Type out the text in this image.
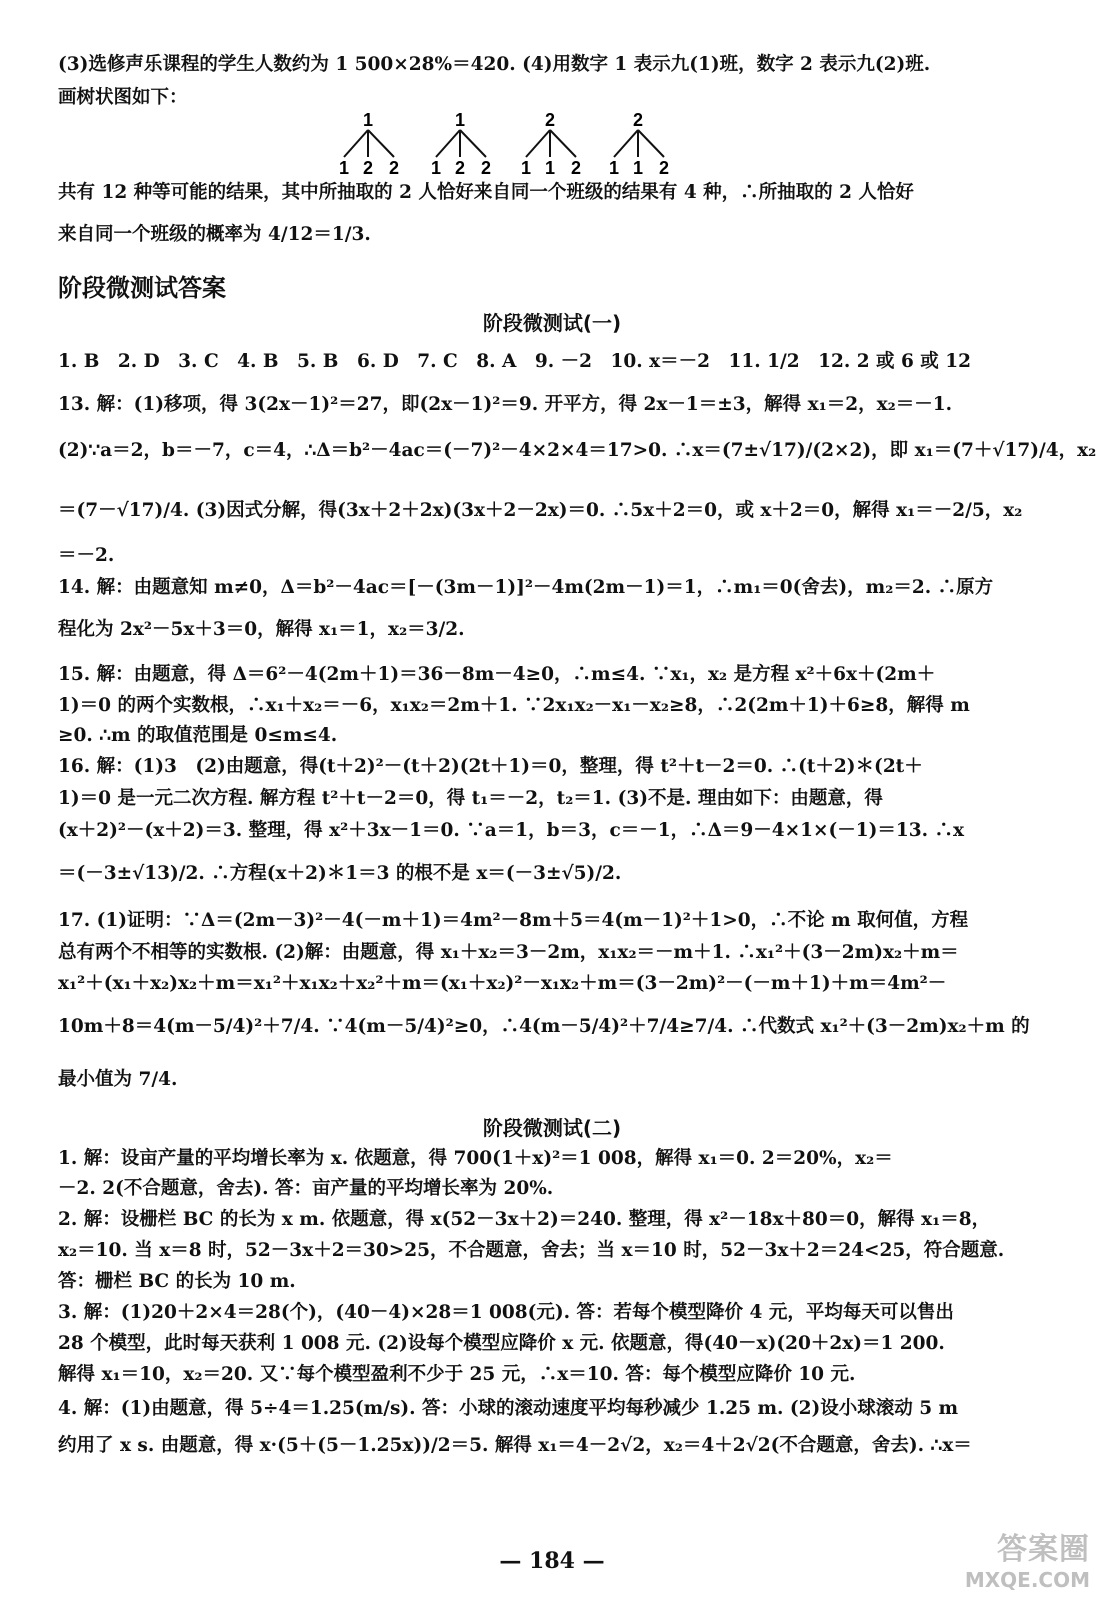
(3)选修声乐课程的学生人数约为 1 500×28%＝420. (4)用数字 1 表示九(1)班，数字 2 表示九(2)班.
画树状图如下：
1
1 2 2
1
1 2 2
2
1 1 2
2
1 1 2
共有 12 种等可能的结果，其中所抽取的 2 人恰好来自同一个班级的结果有 4 种，∴所抽取的 2 人恰好
来自同一个班级的概率为 4/12＝1/3.
阶段微测试答案
阶段微测试(一)
1. B　2. D　3. C　4. B　5. B　6. D　7. C　8. A　9. －2　10. x＝－2　11. 1/2　12. 2 或 6 或 12
13. 解：(1)移项，得 3(2x－1)²＝27，即(2x－1)²＝9. 开平方，得 2x－1＝±3，解得 x₁＝2，x₂＝－1.
(2)∵a＝2，b＝－7，c＝4，∴Δ＝b²－4ac＝(－7)²－4×2×4＝17>0. ∴x＝(7±√17)/(2×2)，即 x₁＝(7＋√17)/4，x₂
＝(7－√17)/4. (3)因式分解，得(3x＋2＋2x)(3x＋2－2x)＝0. ∴5x＋2＝0，或 x＋2＝0，解得 x₁＝－2/5，x₂
＝－2.
14. 解：由题意知 m≠0，Δ＝b²－4ac＝[－(3m－1)]²－4m(2m－1)＝1，∴m₁＝0(舍去)，m₂＝2. ∴原方
程化为 2x²－5x＋3＝0，解得 x₁＝1，x₂＝3/2.
15. 解：由题意，得 Δ＝6²－4(2m＋1)＝36－8m－4≥0，∴m≤4. ∵x₁，x₂ 是方程 x²＋6x＋(2m＋
1)＝0 的两个实数根，∴x₁＋x₂＝－6，x₁x₂＝2m＋1. ∵2x₁x₂－x₁－x₂≥8，∴2(2m＋1)＋6≥8，解得 m
≥0. ∴m 的取值范围是 0≤m≤4.
16. 解：(1)3　(2)由题意，得(t＋2)²－(t＋2)(2t＋1)＝0，整理，得 t²＋t－2＝0. ∴(t＋2)＊(2t＋
1)＝0 是一元二次方程. 解方程 t²＋t－2＝0，得 t₁＝－2，t₂＝1. (3)不是. 理由如下：由题意，得
(x＋2)²－(x＋2)＝3. 整理，得 x²＋3x－1＝0. ∵a＝1，b＝3，c＝－1，∴Δ＝9－4×1×(－1)＝13. ∴x
＝(－3±√13)/2. ∴方程(x＋2)＊1＝3 的根不是 x＝(－3±√5)/2.
17. (1)证明：∵Δ＝(2m－3)²－4(－m＋1)＝4m²－8m＋5＝4(m－1)²＋1>0，∴不论 m 取何值，方程
总有两个不相等的实数根. (2)解：由题意，得 x₁＋x₂＝3－2m，x₁x₂＝－m＋1. ∴x₁²＋(3－2m)x₂＋m＝
x₁²＋(x₁＋x₂)x₂＋m＝x₁²＋x₁x₂＋x₂²＋m＝(x₁＋x₂)²－x₁x₂＋m＝(3－2m)²－(－m＋1)＋m＝4m²－
10m＋8＝4(m－5/4)²＋7/4. ∵4(m－5/4)²≥0，∴4(m－5/4)²＋7/4≥7/4. ∴代数式 x₁²＋(3－2m)x₂＋m 的
最小值为 7/4.
阶段微测试(二)
1. 解：设亩产量的平均增长率为 x. 依题意，得 700(1＋x)²＝1 008，解得 x₁＝0. 2＝20%，x₂＝
－2. 2(不合题意，舍去). 答：亩产量的平均增长率为 20%.
2. 解：设栅栏 BC 的长为 x m. 依题意，得 x(52－3x＋2)＝240. 整理，得 x²－18x＋80＝0，解得 x₁＝8，
x₂＝10. 当 x＝8 时，52－3x＋2＝30>25，不合题意，舍去；当 x＝10 时，52－3x＋2＝24<25，符合题意.
答：栅栏 BC 的长为 10 m.
3. 解：(1)20＋2×4＝28(个)，(40－4)×28＝1 008(元). 答：若每个模型降价 4 元，平均每天可以售出
28 个模型，此时每天获利 1 008 元. (2)设每个模型应降价 x 元. 依题意，得(40－x)(20＋2x)＝1 200.
解得 x₁＝10，x₂＝20. 又∵每个模型盈利不少于 25 元，∴x＝10. 答：每个模型应降价 10 元.
4. 解：(1)由题意，得 5÷4＝1.25(m/s). 答：小球的滚动速度平均每秒减少 1.25 m. (2)设小球滚动 5 m
约用了 x s. 由题意，得 x·(5＋(5－1.25x))/2＝5. 解得 x₁＝4－2√2，x₂＝4＋2√2(不合题意，舍去). ∴x＝
— 184 —	答案圈
MXQE.COM
